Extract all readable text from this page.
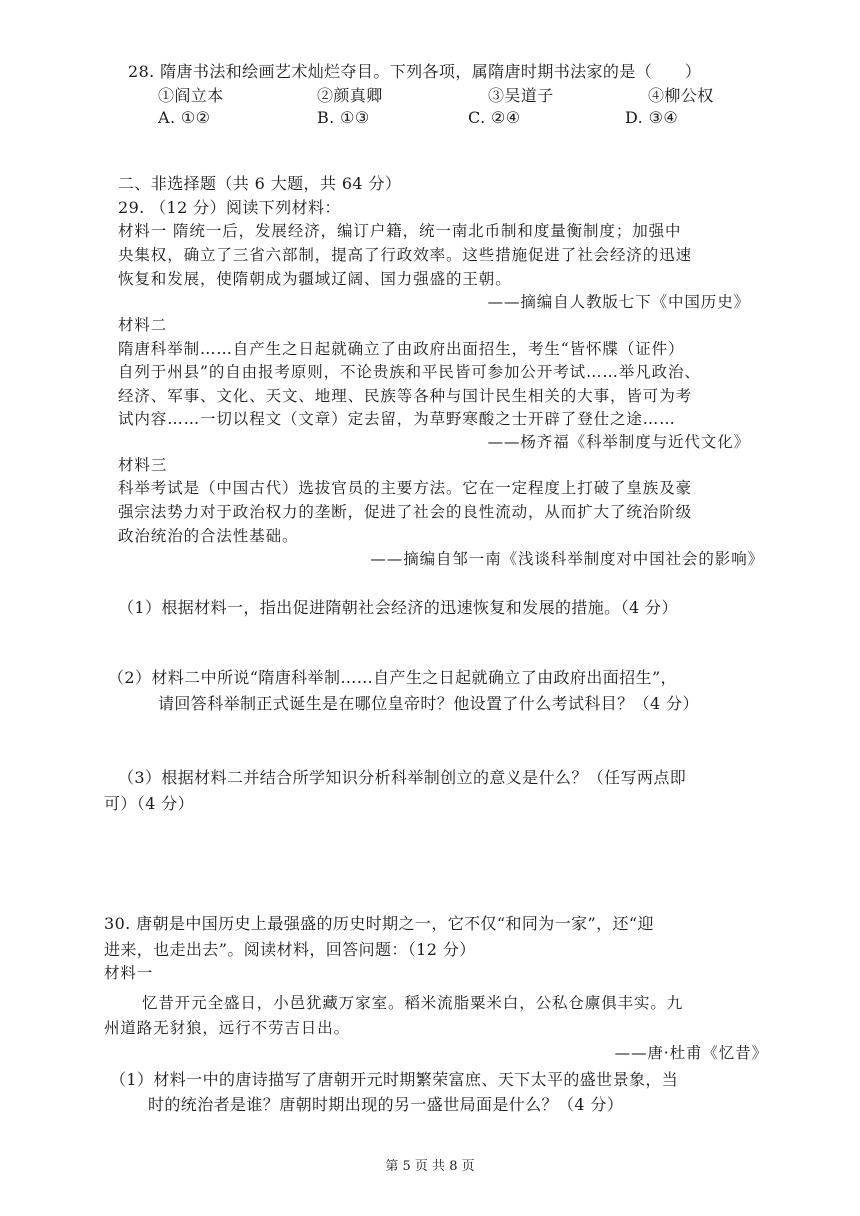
28. 隋唐书法和绘画艺术灿烂夺目。下列各项，属隋唐时期书法家的是（　　）
①阎立本	②颜真卿	③吴道子	④柳公权
A. ①②	B. ①③	C. ②④	D. ③④
二、非选择题（共 6 大题，共 64 分）
29. （12 分）阅读下列材料：
材料一 隋统一后，发展经济，编订户籍，统一南北币制和度量衡制度；加强中
央集权，确立了三省六部制，提高了行政效率。这些措施促进了社会经济的迅速
恢复和发展，使隋朝成为疆域辽阔、国力强盛的王朝。
——摘编自人教版七下《中国历史》
材料二
隋唐科举制……自产生之日起就确立了由政府出面招生，考生“皆怀牒（证件）
自列于州县”的自由报考原则，不论贵族和平民皆可参加公开考试……举凡政治、
经济、军事、文化、天文、地理、民族等各种与国计民生相关的大事，皆可为考
试内容……一切以程文（文章）定去留，为草野寒酸之士开辟了登仕之途……
——杨齐福《科举制度与近代文化》
材料三
科举考试是（中国古代）选拔官员的主要方法。它在一定程度上打破了皇族及豪
强宗法势力对于政治权力的垄断，促进了社会的良性流动，从而扩大了统治阶级
政治统治的合法性基础。
——摘编自邹一南《浅谈科举制度对中国社会的影响》
（1）根据材料一，指出促进隋朝社会经济的迅速恢复和发展的措施。（4 分）
（2）材料二中所说“隋唐科举制……自产生之日起就确立了由政府出面招生”，
请回答科举制正式诞生是在哪位皇帝时？他设置了什么考试科目？（4 分）
（3）根据材料二并结合所学知识分析科举制创立的意义是什么？（任写两点即
可）（4 分）
30. 唐朝是中国历史上最强盛的历史时期之一，它不仅“和同为一家”，还“迎
进来，也走出去”。阅读材料，回答问题：（12 分）
材料一
忆昔开元全盛日，小邑犹藏万家室。稻米流脂粟米白，公私仓廪俱丰实。九
州道路无豺狼，远行不劳吉日出。
——唐·杜甫《忆昔》
（1）材料一中的唐诗描写了唐朝开元时期繁荣富庶、天下太平的盛世景象，当
时的统治者是谁？唐朝时期出现的另一盛世局面是什么？（4 分）
第 5 页 共 8 页
